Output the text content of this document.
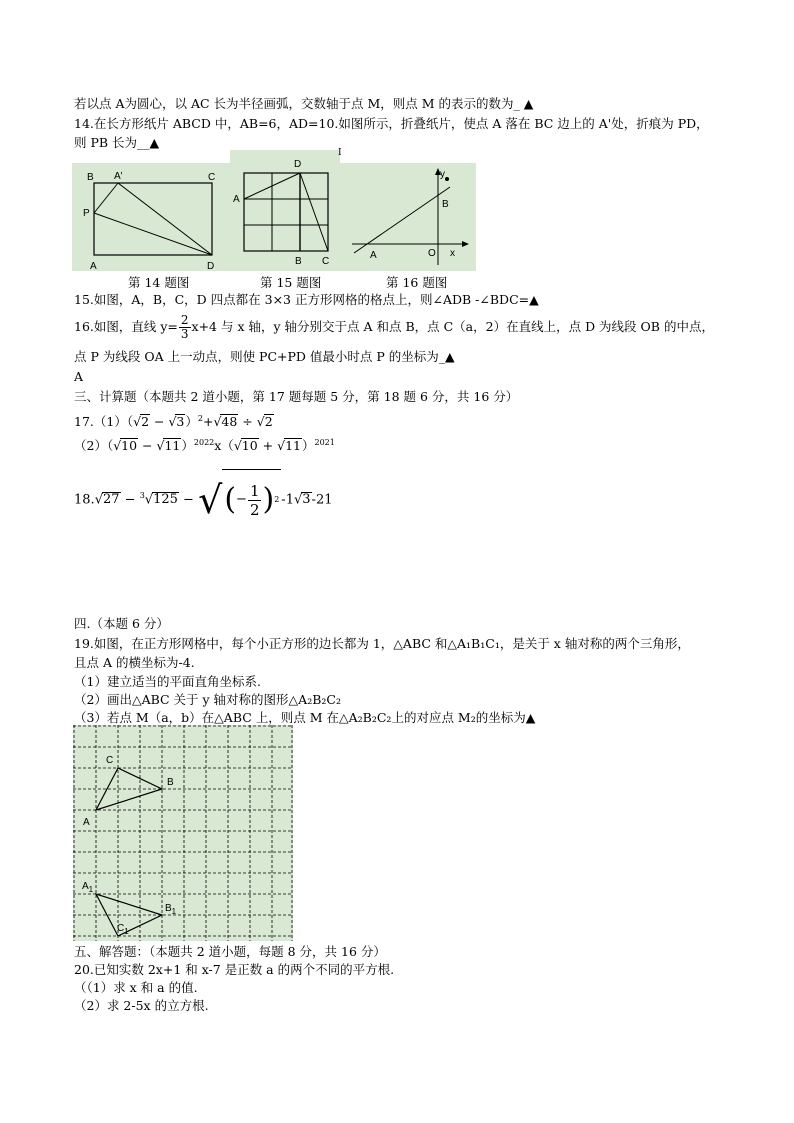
若以点 A为圆心，以 AC 长为半径画弧，交数轴于点 M，则点 M 的表示的数为_ ▲
14.在长方形纸片 ABCD 中，AB=6，AD=10.如图所示，折叠纸片，使点 A 落在 BC 边上的 A'处，折痕为 PD，
则 PB 长为__▲
B A'	C
P
A	D
D
A
B C
I
y
B
A	O x
第 14 题图	第 15 题图	第 16 题图
15.如图，A，B，C，D 四点都在 3×3 正方形网格的格点上，则∠ADB -∠BDC=▲
16.如图，直线 $y= \frac{2}{3} x+4$ 与 x 轴，y 轴分别交于点 A 和点 B，点 C（a，2）在直线上，点 D 为线段 OB 的中点，
点 P 为线段 OA 上一动点，则使 PC+PD 值最小时点 P 的坐标为_▲
A
三、计算题（本题共 2 道小题，第 17 题每题 5 分，第 18 题 6 分，共 16 分）
$17.(1)(√2 - √3)^2+√48 \div √2$
$(2)(√10 - √11)^{2022}x(√10 + √11)^{2021}$
18.√27 − $^3$√125 − √(− $\frac{1}{2} )^2$ -1√3-21
四.（本题 6 分）
19.如图，在正方形网格中，每个小正方形的边长都为 1，△ABC 和△A₁B₁C₁，是关于 x 轴对称的两个三角形，
且点 A 的横坐标为-4.
（1）建立适当的平面直角坐标系.
（2）画出△ABC 关于 y 轴对称的图形△A₂B₂C₂
（3）若点 M（a，b）在△ABC 上，则点 M 在△A₂B₂C₂上的对应点 M₂的坐标为▲
C
B
A
$A_1$
$B_1$
$C_1$
五、解答题：（本题共 2 道小题，每题 8 分，共 16 分）
20.已知实数 2x+1 和 x-7 是正数 a 的两个不同的平方根.
（（1）求 x 和 a 的值.
（2）求 2-5x 的立方根.
